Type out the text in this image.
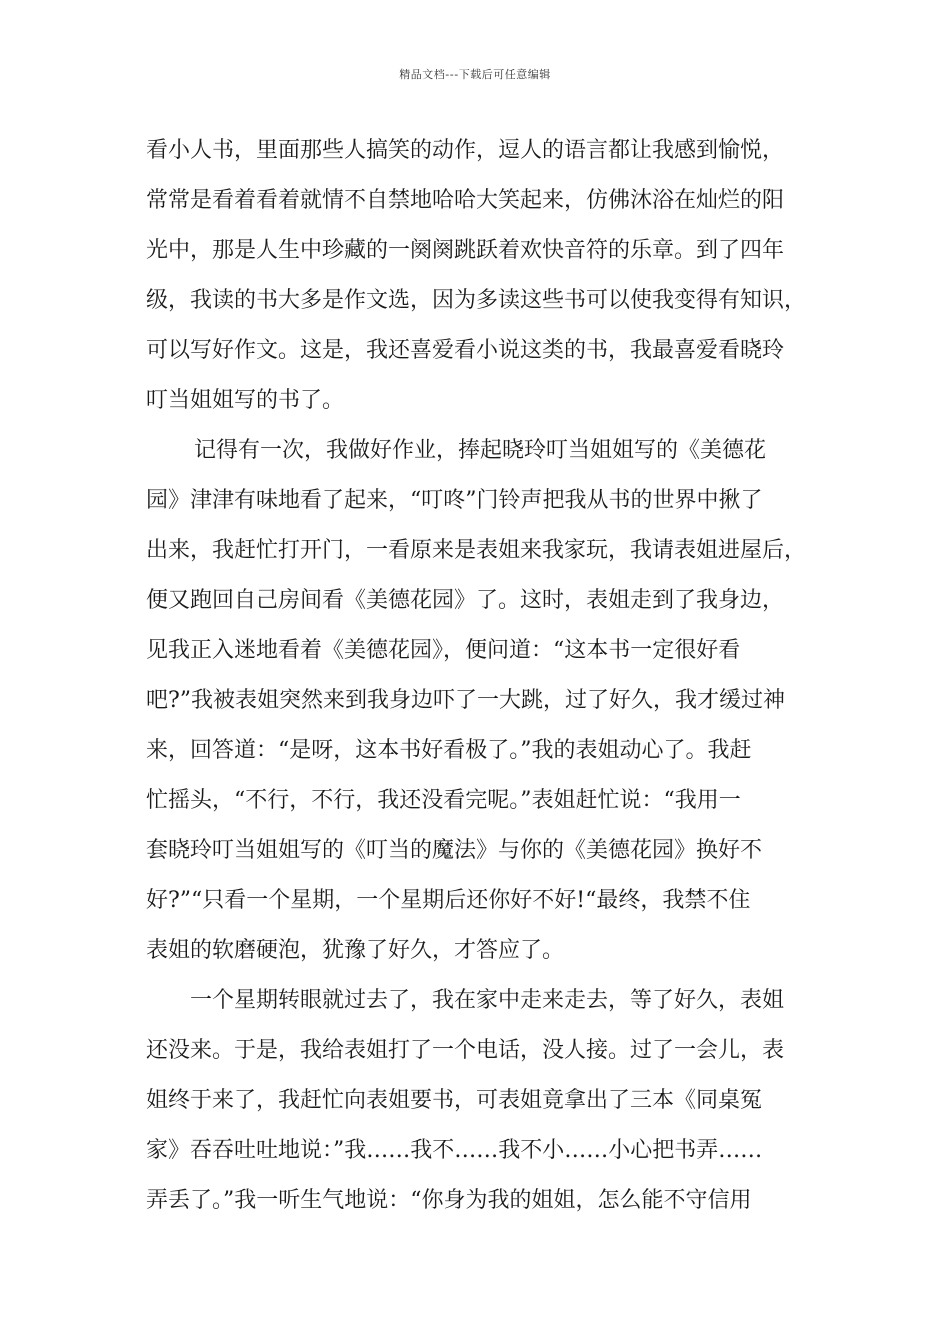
精品文档---下载后可任意编辑
看小人书，里面那些人搞笑的动作，逗人的语言都让我感到愉悦，
常常是看着看着就情不自禁地哈哈大笑起来，仿佛沐浴在灿烂的阳
光中，那是人生中珍藏的一阕阕跳跃着欢快音符的乐章。到了四年
级，我读的书大多是作文选，因为多读这些书可以使我变得有知识，
可以写好作文。这是，我还喜爱看小说这类的书，我最喜爱看晓玲
叮当姐姐写的书了。
　记得有一次，我做好作业，捧起晓玲叮当姐姐写的《美德花
园》津津有味地看了起来，“叮咚”门铃声把我从书的世界中揪了
出来，我赶忙打开门，一看原来是表姐来我家玩，我请表姐进屋后，
便又跑回自己房间看《美德花园》了。这时，表姐走到了我身边，
见我正入迷地看着《美德花园》，便问道：“这本书一定很好看
吧?”我被表姐突然来到我身边吓了一大跳，过了好久，我才缓过神
来，回答道：“是呀，这本书好看极了。”我的表姐动心了。我赶
忙摇头，“不行，不行，我还没看完呢。”表姐赶忙说：“我用一
套晓玲叮当姐姐写的《叮当的魔法》与你的《美德花园》换好不
好?”“只看一个星期，一个星期后还你好不好!“最终，我禁不住
表姐的软磨硬泡，犹豫了好久，才答应了。
一个星期转眼就过去了，我在家中走来走去，等了好久，表姐
还没来。于是，我给表姐打了一个电话，没人接。过了一会儿，表
姐终于来了，我赶忙向表姐要书，可表姐竟拿出了三本《同桌冤
家》吞吞吐吐地说：”我……我不……我不小……小心把书弄……
弄丢了。”我一听生气地说：“你身为我的姐姐，怎么能不守信用
